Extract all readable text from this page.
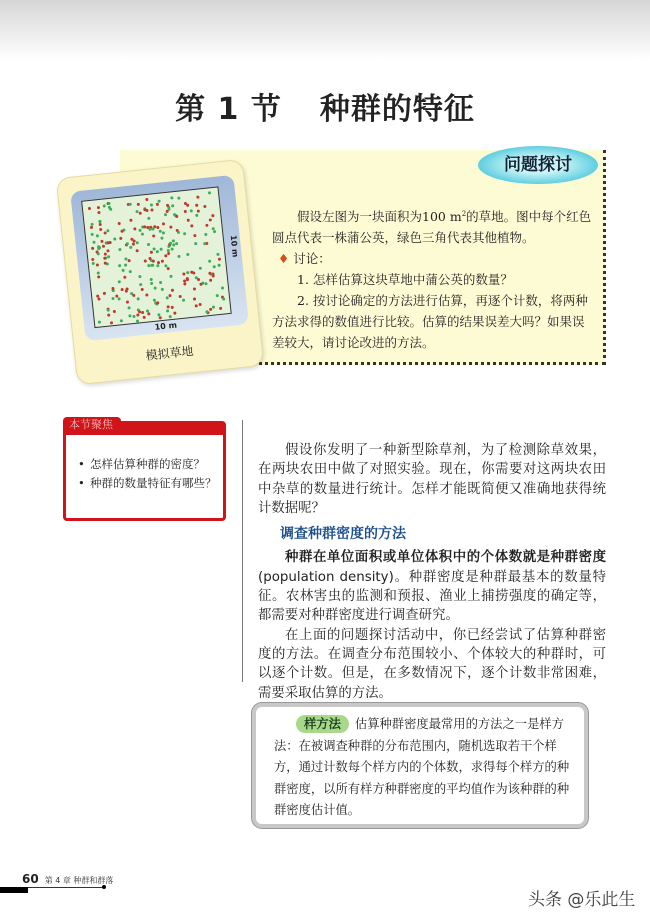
第 1 节 种群的特征
问题探讨

假设左图为一块面积为100 $m^2$的草地。图中每个红色圆点代表一株蒲公英，绿色三角代表其他植物。

♦ 讨论：

1. 怎样估算这块草地中蒲公英的数量？

2. 按讨论确定的方法进行估算，再逐个计数，将两种方法求得的数值进行比较。估算的结果误差大吗？如果误差较大，请讨论改进的方法。

10 m
10 m
模拟草地
本节聚焦
• 怎样估算种群的密度？
• 种群的数量特征有哪些？

假设你发明了一种新型除草剂，为了检测除草效果，在两块农田中做了对照实验。现在，你需要对这两块农田中杂草的数量进行统计。怎样才能既简便又准确地获得统计数据呢？

调查种群密度的方法

种群在单位面积或单位体积中的个体数就是种群密度(population density)。种群密度是种群最基本的数量特征。农林害虫的监测和预报、渔业上捕捞强度的确定等，都需要对种群密度进行调查研究。

在上面的问题探讨活动中，你已经尝试了估算种群密度的方法。在调查分布范围较小、个体较大的种群时，可以逐个计数。但是，在多数情况下，逐个计数非常困难，需要采取估算的方法。

样方法 估算种群密度最常用的方法之一是样方法：在被调查种群的分布范围内，随机选取若干个样方，通过计数每个样方内的个体数，求得每个样方的种群密度，以所有样方种群密度的平均值作为该种群的种群密度估计值。
60 第 4 章 种群和群落
头条 @乐此生
